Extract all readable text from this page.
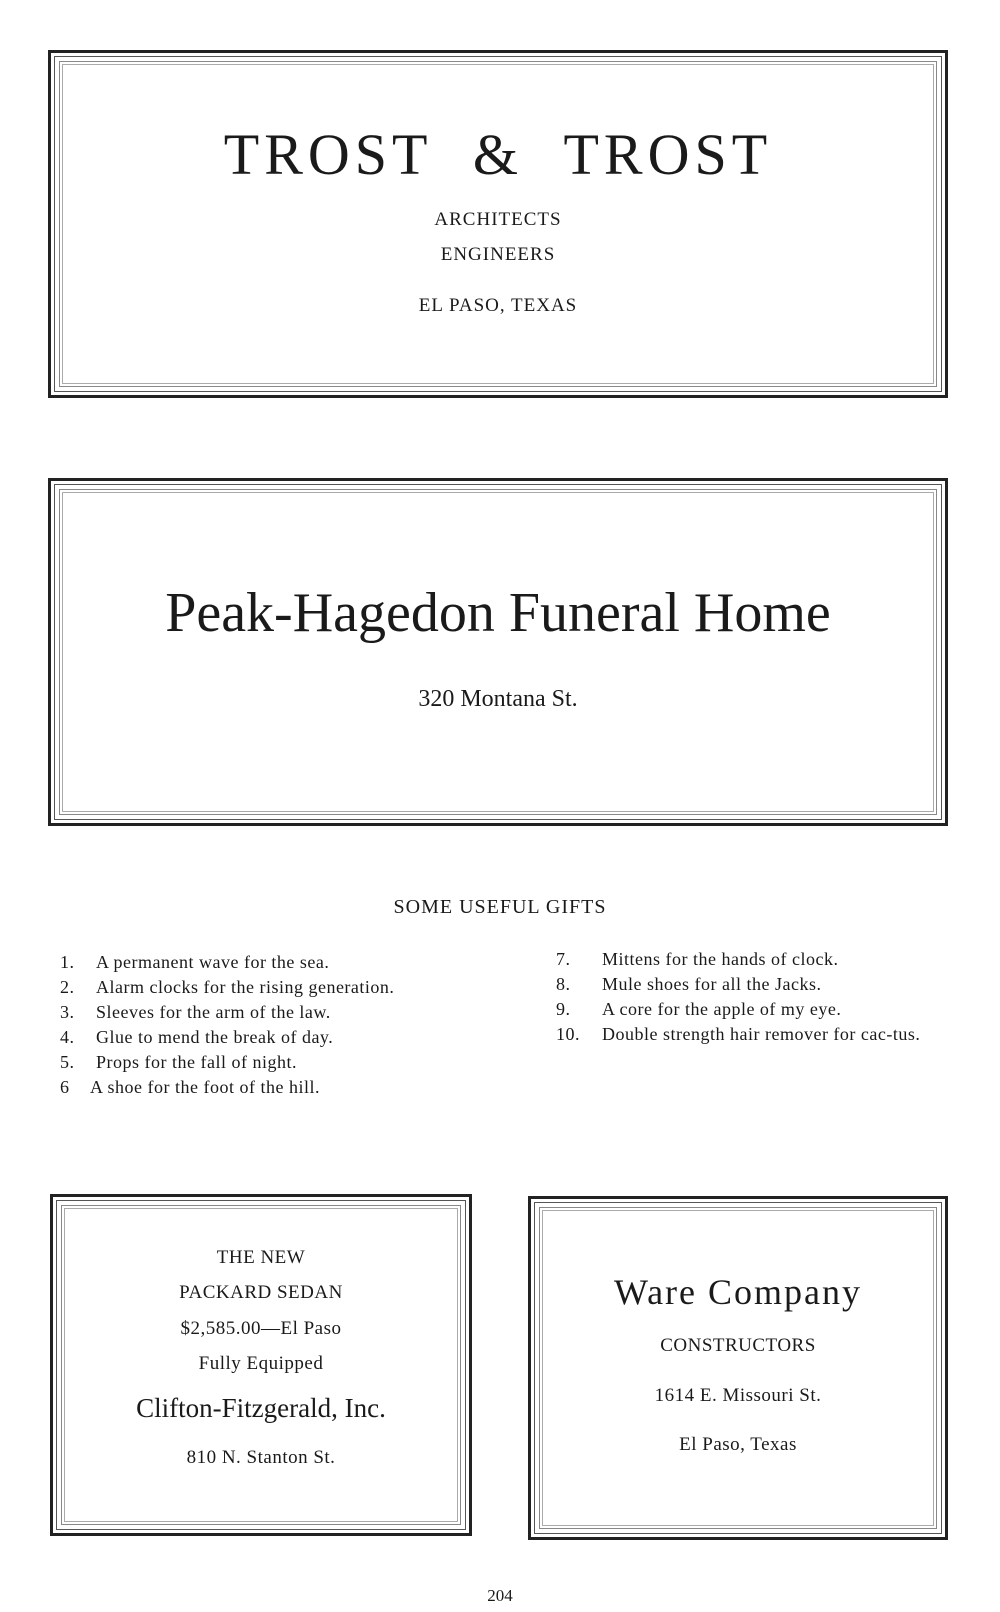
TROST & TROST
ARCHITECTS
ENGINEERS
EL PASO, TEXAS
Peak-Hagedon Funeral Home
320 Montana St.
SOME USEFUL GIFTS
1.	A permanent wave for the sea.
2.	Alarm clocks for the rising generation.
3.	Sleeves for the arm of the law.
4.	Glue to mend the break of day.
5.	Props for the fall of night.
6	A shoe for the foot of the hill.
7.	Mittens for the hands of clock.
8.	Mule shoes for all the Jacks.
9.	A core for the apple of my eye.
10.	Double strength hair remover for cac-tus.
THE NEW
PACKARD SEDAN
$2,585.00—El Paso
Fully Equipped
Clifton-Fitzgerald, Inc.
810 N. Stanton St.
Ware Company
CONSTRUCTORS
1614 E. Missouri St.
El Paso, Texas
204
